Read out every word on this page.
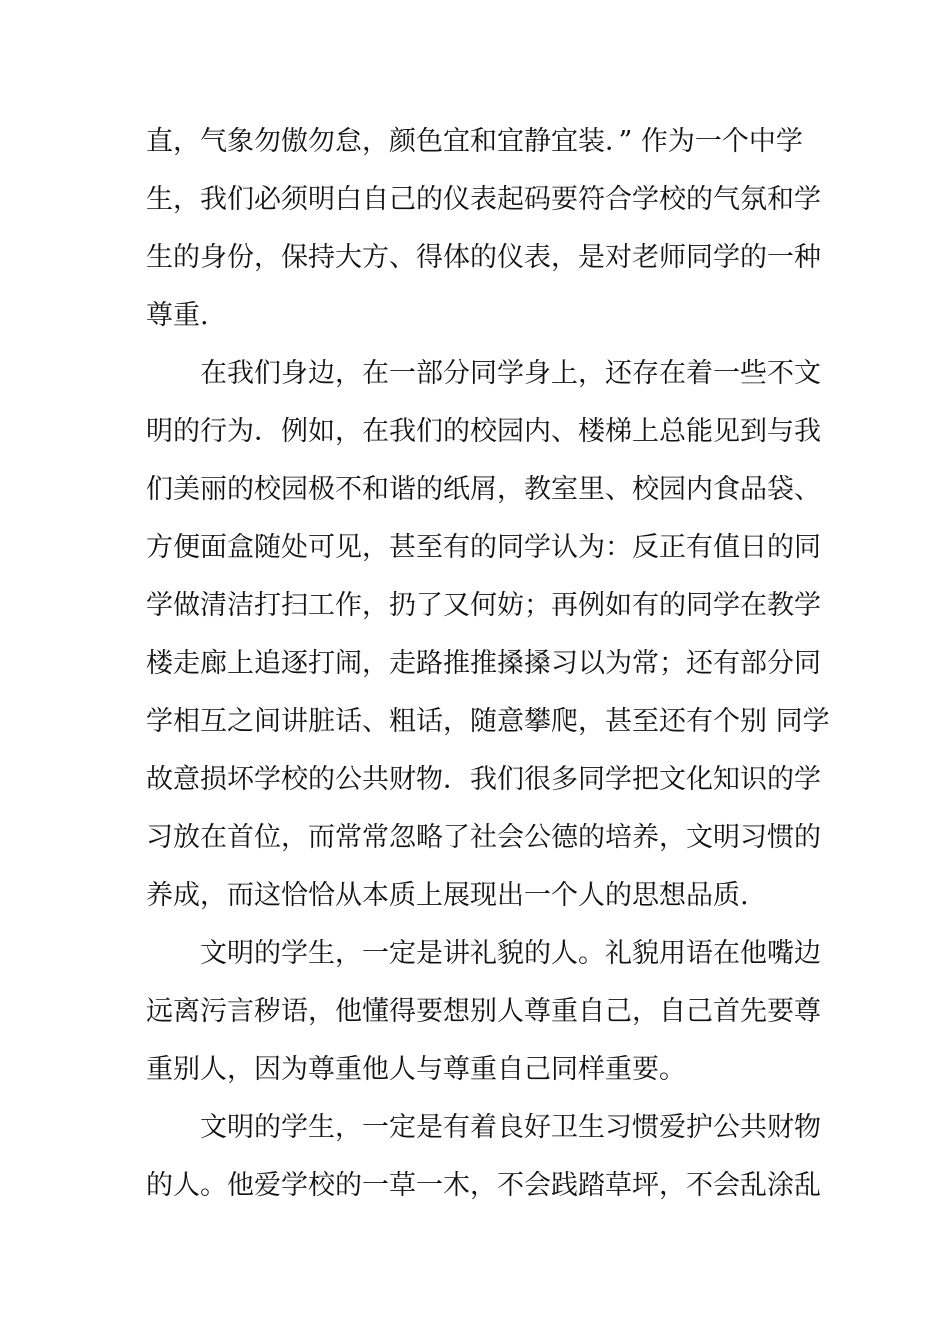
直，气象勿傲勿怠，颜色宜和宜静宜装．” 作为一个中学
生，我们必须明白自己的仪表起码要符合学校的气氛和学
生的身份，保持大方、得体的仪表，是对老师同学的一种
尊重.
在我们身边，在一部分同学身上，还存在着一些不文
明的行为．例如，在我们的校园内、楼梯上总能见到与我
们美丽的校园极不和谐的纸屑，教室里、校园内食品袋、
方便面盒随处可见，甚至有的同学认为：反正有值日的同
学做清洁打扫工作，扔了又何妨；再例如有的同学在教学
楼走廊上追逐打闹，走路推推搡搡习以为常；还有部分同
学相互之间讲脏话、粗话，随意攀爬，甚至还有个别 同学
故意损坏学校的公共财物．我们很多同学把文化知识的学
习放在首位，而常常忽略了社会公德的培养，文明习惯的
养成，而这恰恰从本质上展现出一个人的思想品质.
文明的学生，一定是讲礼貌的人。礼貌用语在他嘴边
远离污言秽语，他懂得要想别人尊重自己，自己首先要尊
重别人，因为尊重他人与尊重自己同样重要。
文明的学生，一定是有着良好卫生习惯爱护公共财物
的人。他爱学校的一草一木，不会践踏草坪，不会乱涂乱
